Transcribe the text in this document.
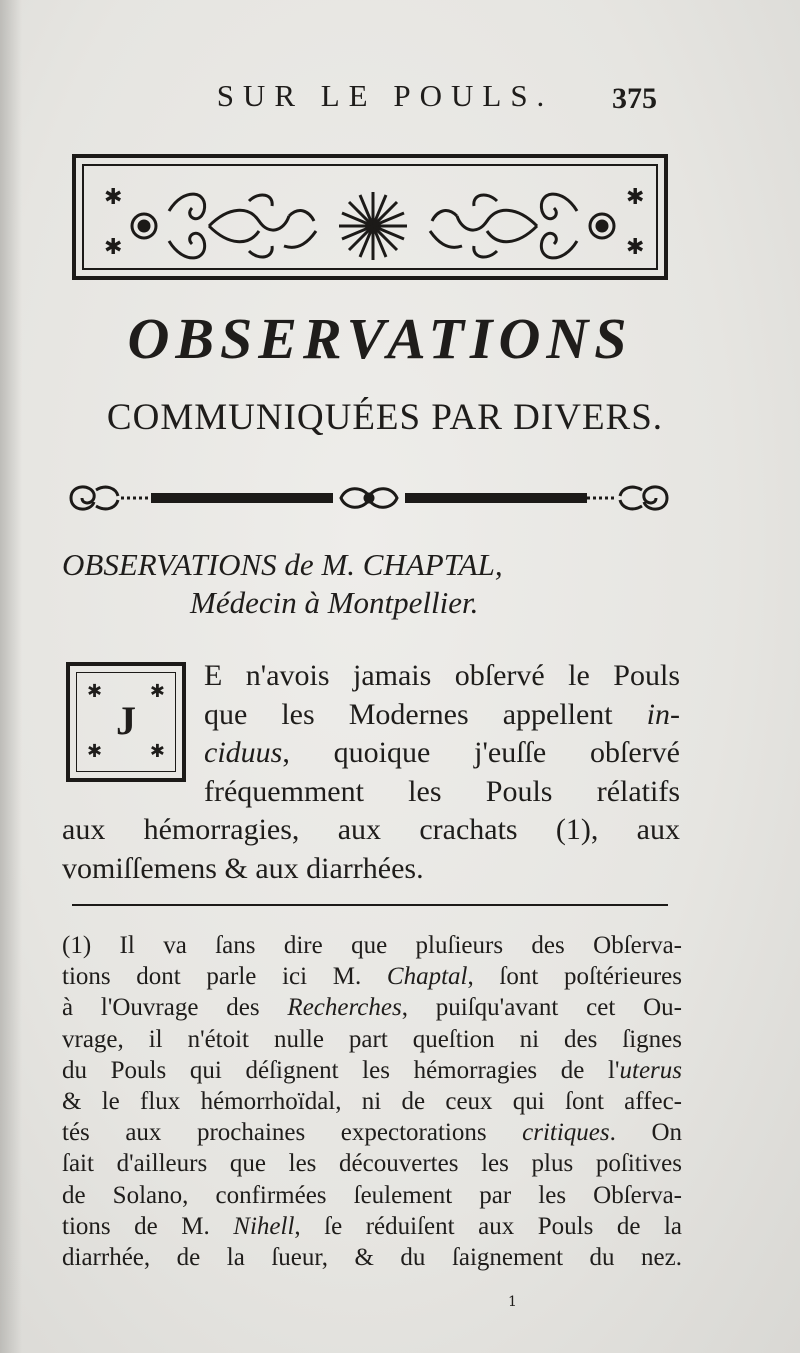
SUR LE POULS.	375
✱
✱
✱
✱
OBSERVATIONS
COMMUNIQUÉES PAR DIVERS.
OBSERVATIONS de M. CHAPTAL,
Médecin à Montpellier.
✱	✱
✱	✱
J
E n'avois jamais obſervé le Pouls
que les Modernes appellent in-
ciduus, quoique j'euſſe obſervé
fréquemment les Pouls rélatifs
aux hémorragies, aux crachats (1), aux
vomiſſemens & aux diarrhées.
(1) Il va ſans dire que pluſieurs des Obſerva-
tions dont parle ici M. Chaptal, ſont poſtérieures
à l'Ouvrage des Recherches, puiſqu'avant cet Ou-
vrage, il n'étoit nulle part queſtion ni des ſignes
du Pouls qui déſignent les hémorragies de l'uterus
& le flux hémorrhoïdal, ni de ceux qui ſont affec-
tés aux prochaines expectorations critiques. On
ſait d'ailleurs que les découvertes les plus poſitives
de Solano, confirmées ſeulement par les Obſerva-
tions de M. Nihell, ſe réduiſent aux Pouls de la
diarrhée, de la ſueur, & du ſaignement du nez.
1
